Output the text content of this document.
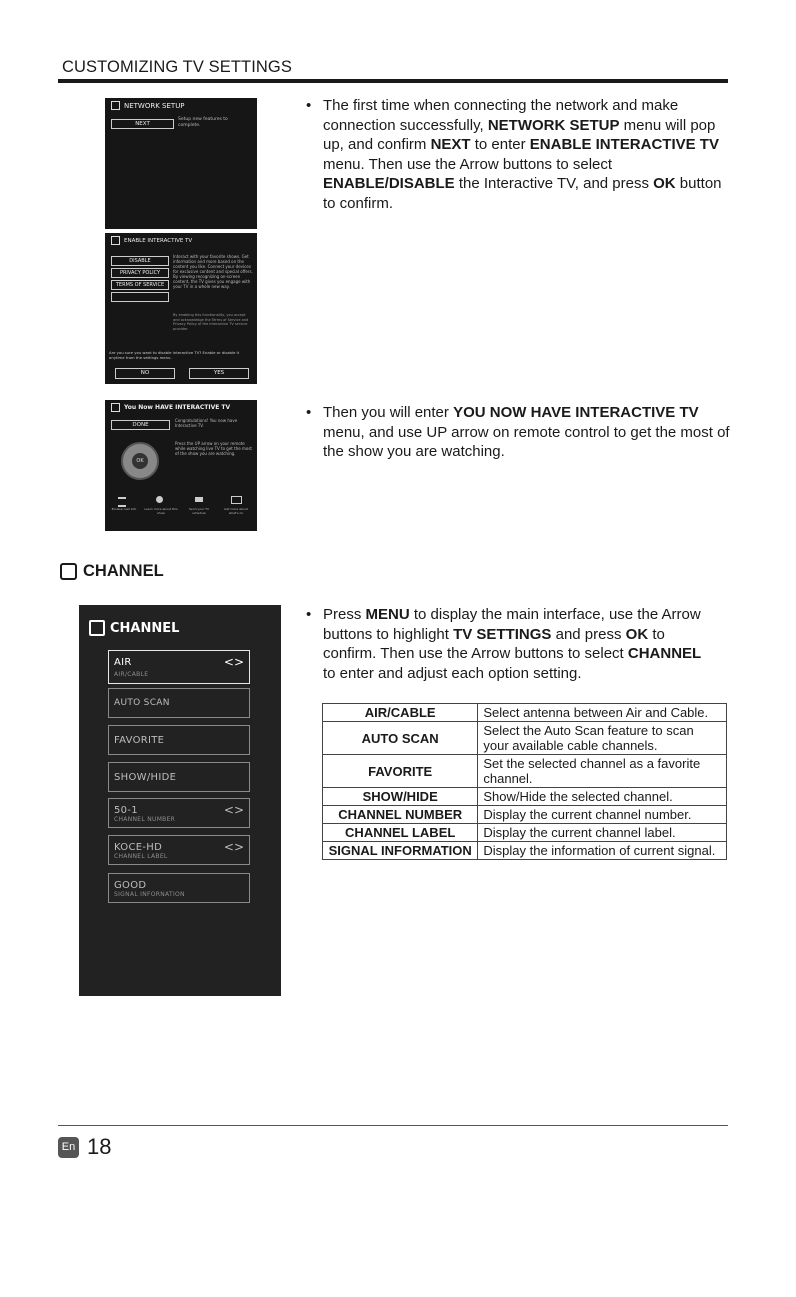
CUSTOMIZING TV SETTINGS
NETWORK SETUP
NEXT
Setup new features to complete.
ENABLE INTERACTIVE TV
DISABLE
PRIVACY POLICY
TERMS OF SERVICE
Interact with your favorite shows. Get information and more based on the content you like. Connect your devices for exclusive content and special offers. By viewing recognizing on-screen content, the TV gives you engage with your TV in a whole new way.
By enabling this functionality, you accept and acknowledge the Terms of Service and Privacy Policy of the interactive TV service provider.
Are you sure you want to disable Interactive TV? Enable or disable it anytime from the settings menu.
NO	YES
You Now HAVE INTERACTIVE TV
DONE
Congratulations! You now have Interactive TV.
Press the UP arrow on your remote while watching live TV to get the most of the show you are watching.
OK
Browse cast info	Learn more about this show
Send your TV schedule
Get more about what's on
• The first time when connecting the network and make connection successfully, NETWORK SETUP menu will pop up, and confirm NEXT to enter ENABLE INTERACTIVE TV menu. Then use the Arrow buttons to select ENABLE/DISABLE the Interactive TV, and press OK button to confirm.
• Then you will enter YOU NOW HAVE INTERACTIVE TV menu, and use UP arrow on remote control to get the most of the show you are watching.
CHANNEL
CHANNEL
AIR
AIR/CABLE
<>
AUTO SCAN
FAVORITE
SHOW/HIDE
50-1
CHANNEL NUMBER
<>
KOCE-HD
CHANNEL LABEL
<>
GOOD
SIGNAL INFORNATION
• Press MENU to display the main interface, use the Arrow buttons to highlight TV SETTINGS and press OK to confirm. Then use the Arrow buttons to select CHANNEL to enter and adjust each option setting.
AIR/CABLE	Select antenna between Air and Cable.
AUTO SCAN	Select the Auto Scan feature to scan your available cable channels.
FAVORITE	Set the selected channel as a favorite channel.
SHOW/HIDE	Show/Hide the selected channel.
CHANNEL NUMBER	Display the current channel number.
CHANNEL LABEL	Display the current channel label.
SIGNAL INFORMATION	Display the information of current signal.
En 18
